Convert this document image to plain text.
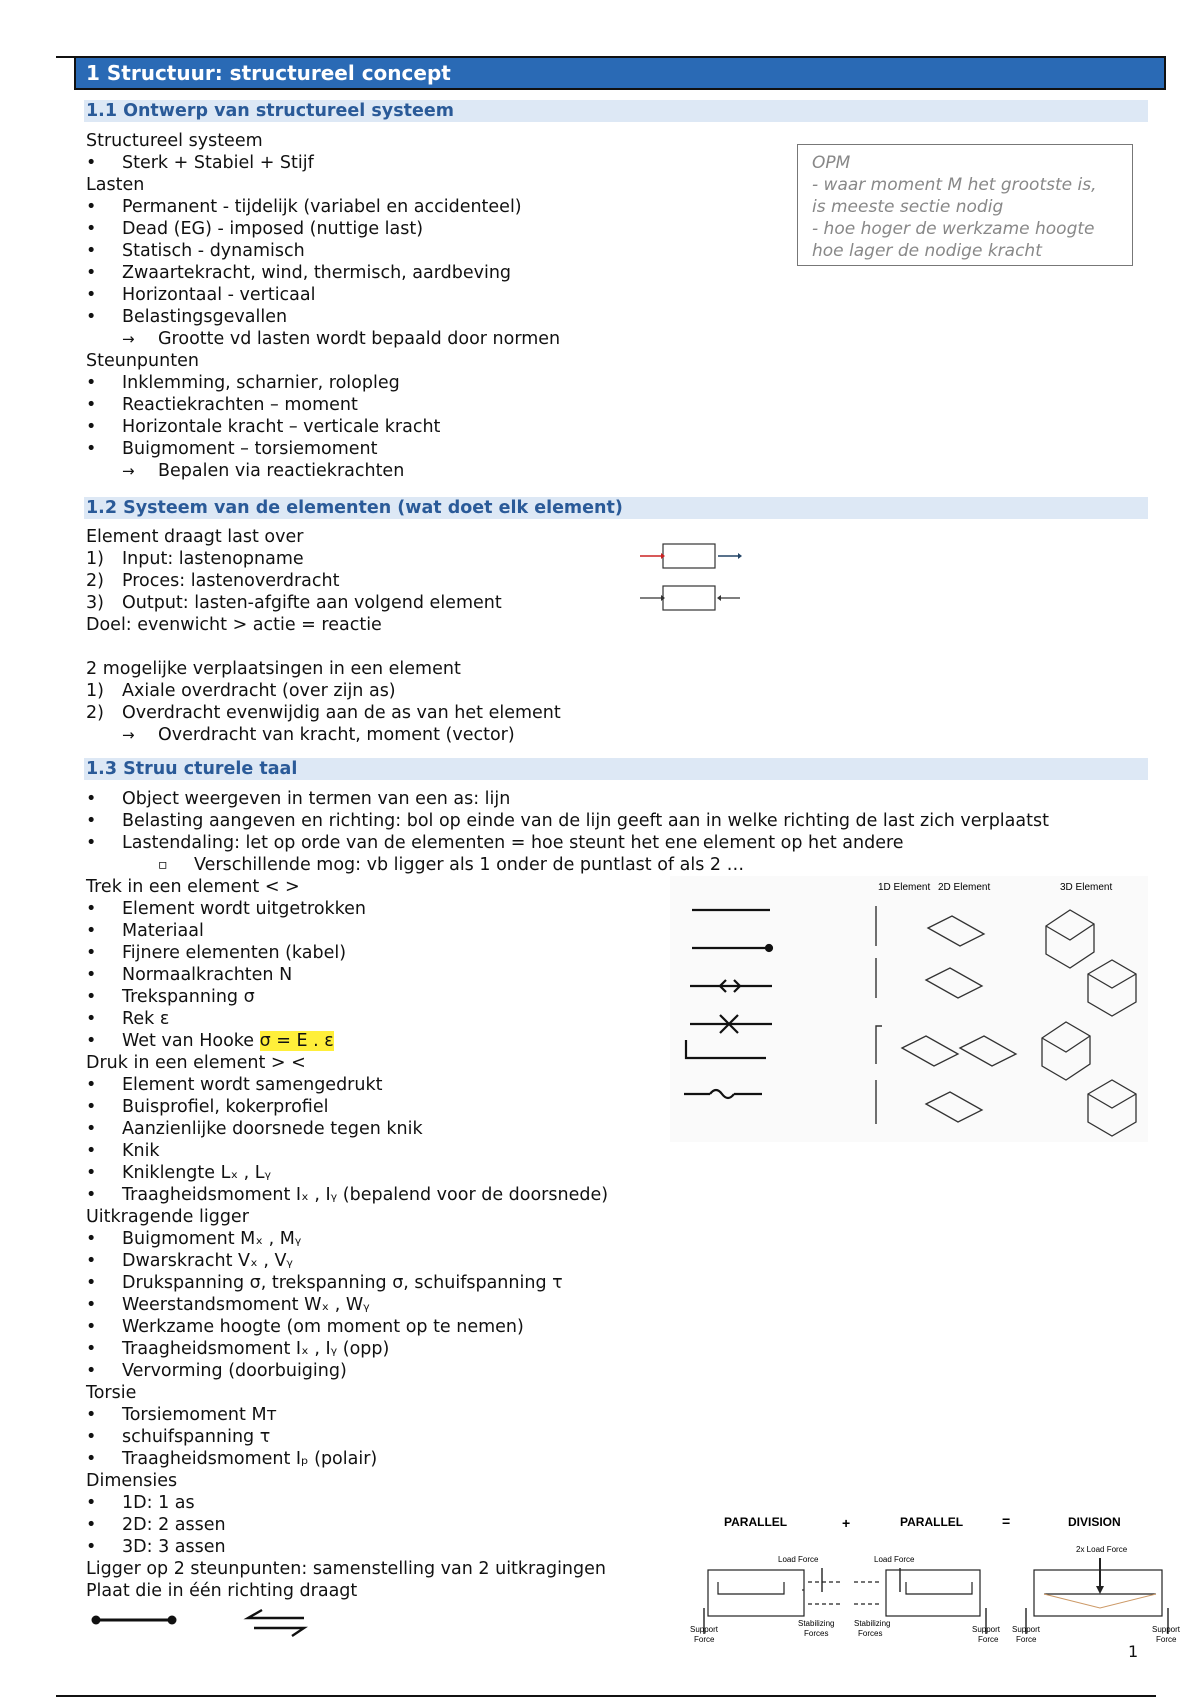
1 Structuur: structureel concept
1.1 Ontwerp van structureel systeem
Structureel systeem
• Sterk + Stabiel + Stijf
Lasten
• Permanent - tijdelijk (variabel en accidenteel)
• Dead (EG) - imposed (nuttige last)
• Statisch - dynamisch
• Zwaartekracht, wind, thermisch, aardbeving
• Horizontaal - verticaal
• Belastingsgevallen
→ Grootte vd lasten wordt bepaald door normen
Steunpunten
• Inklemming, scharnier, rolopleg
• Reactiekrachten – moment
• Horizontale kracht – verticale kracht
• Buigmoment – torsiemoment
→ Bepalen via reactiekrachten
OPM
- waar moment M het grootste is,
is meeste sectie nodig
- hoe hoger de werkzame hoogte
hoe lager de nodige kracht
1.2 Systeem van de elementen (wat doet elk element)
Element draagt last over
1) Input: lastenopname
2) Proces: lastenoverdracht
3) Output: lasten-afgifte aan volgend element
Doel: evenwicht > actie = reactie
2 mogelijke verplaatsingen in een element
1) Axiale overdracht (over zijn as)
2) Overdracht evenwijdig aan de as van het element
→ Overdracht van kracht, moment (vector)
1.3 Struu cturele taal
• Object weergeven in termen van een as: lijn
• Belasting aangeven en richting: bol op einde van de lijn geeft aan in welke richting de last zich verplaatst
• Lastendaling: let op orde van de elementen = hoe steunt het ene element op het andere
▫ Verschillende mog: vb ligger als 1 onder de puntlast of als 2 …
Trek in een element < >
• Element wordt uitgetrokken
• Materiaal
• Fijnere elementen (kabel)
• Normaalkrachten N
• Trekspanning σ
• Rek ε
• Wet van Hooke σ = E . ε
Druk in een element > <
• Element wordt samengedrukt
• Buisprofiel, kokerprofiel
• Aanzienlijke doorsnede tegen knik
• Knik
• Kniklengte Lₓ , Lᵧ
• Traagheidsmoment Iₓ , Iᵧ (bepalend voor de doorsnede)
Uitkragende ligger
• Buigmoment Mₓ , Mᵧ
• Dwarskracht Vₓ , Vᵧ
• Drukspanning σ, trekspanning σ, schuifspanning τ
• Weerstandsmoment Wₓ , Wᵧ
• Werkzame hoogte (om moment op te nemen)
• Traagheidsmoment Iₓ , Iᵧ (opp)
• Vervorming (doorbuiging)
Torsie
• Torsiemoment Mᴛ
• schuifspanning τ
• Traagheidsmoment Iₚ (polair)
Dimensies
• 1D: 1 as
• 2D: 2 assen
• 3D: 3 assen
Ligger op 2 steunpunten: samenstelling van 2 uitkragingen
Plaat die in één richting draagt
1D Element 2D Element	3D Element
PARALLEL	+	PARALLEL	=	DIVISION
Load Force	Load Force
2x Load Force
Support
Force
Stabilizing
Forces
Stabilizing
Forces	Support
Force
Support
Force
Support
Force
1
